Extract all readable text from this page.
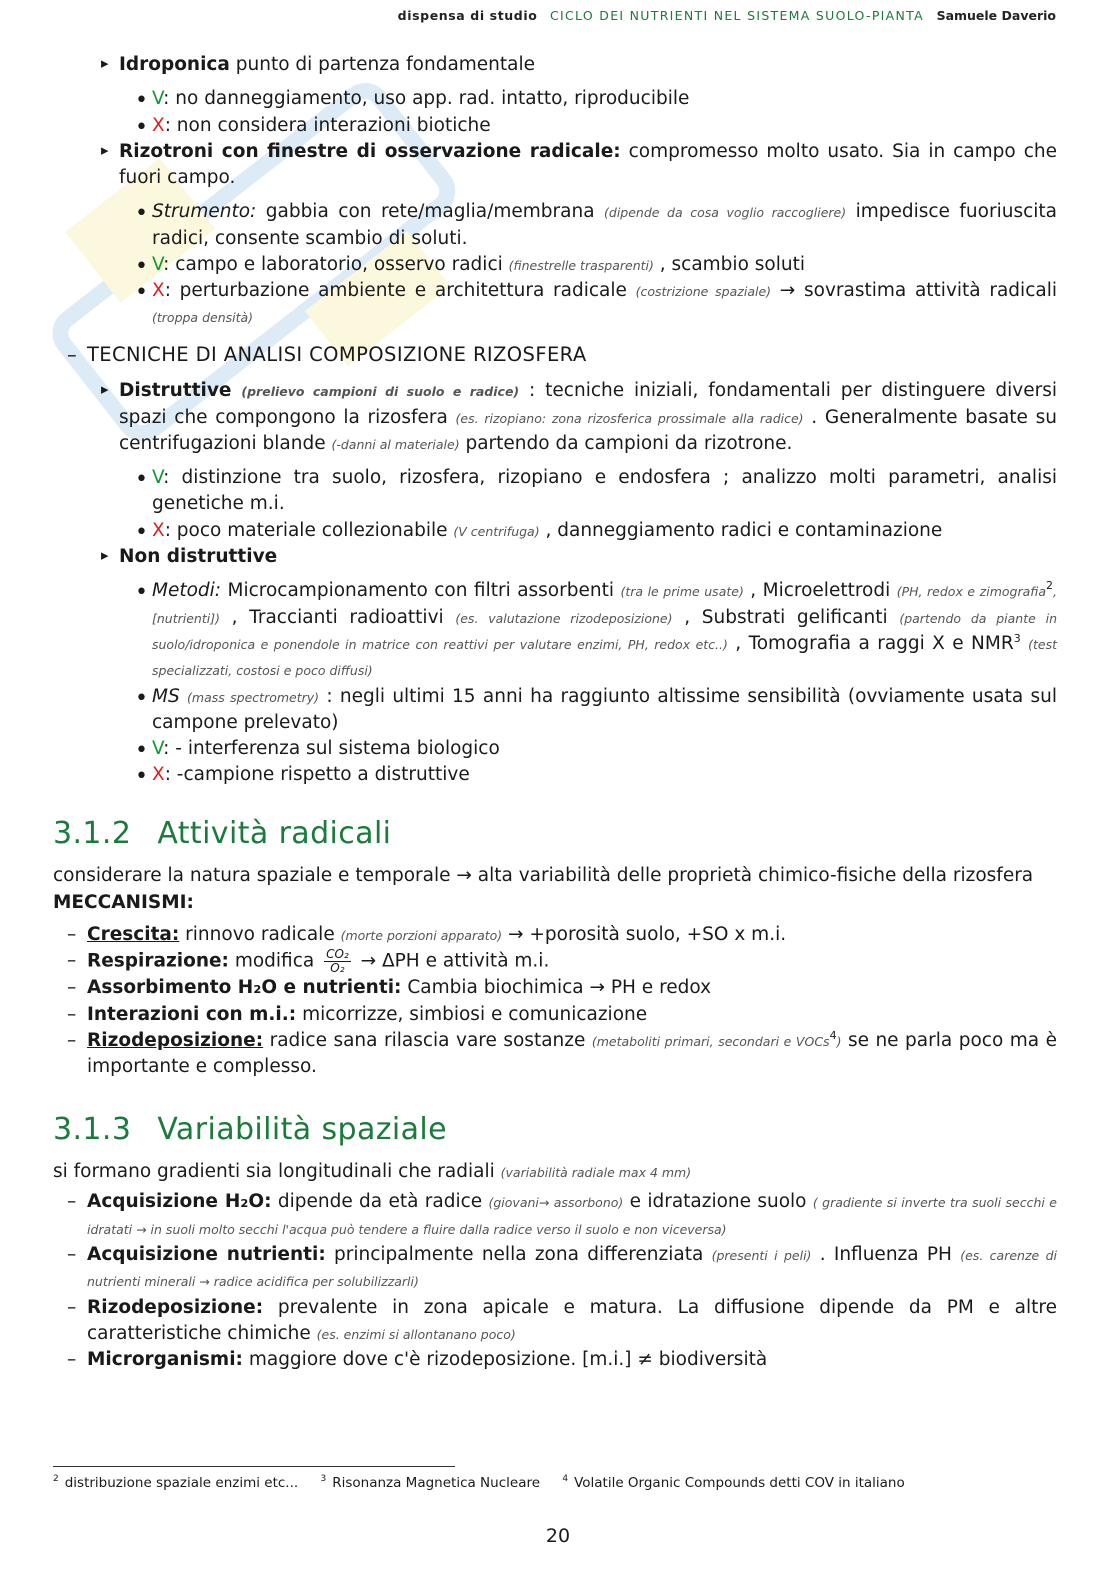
dispensa di studio CICLO DEI NUTRIENTI NEL SISTEMA SUOLO-PIANTA Samuele Daverio

▸ Idroponica punto di partenza fondamentale

• V: no danneggiamento, uso app. rad. intatto, riproducibile

• X: non considera interazioni biotiche

▸ Rizotroni con finestre di osservazione radicale: compromesso molto usato. Sia in campo che fuori campo.

• Strumento: gabbia con rete/maglia/membrana (dipende da cosa voglio raccogliere) impedisce fuoriuscita radici, consente scambio di soluti.

• V: campo e laboratorio, osservo radici (finestrelle trasparenti) , scambio soluti

• X: perturbazione ambiente e architettura radicale (costrizione spaziale) → sovrastima attività radicali (troppa densità)

– TECNICHE DI ANALISI COMPOSIZIONE RIZOSFERA

▸ Distruttive (prelievo campioni di suolo e radice) : tecniche iniziali, fondamentali per distinguere diversi spazi che compongono la rizosfera (es. rizopiano: zona rizosferica prossimale alla radice) . Generalmente basate su centrifugazioni blande (-danni al materiale) partendo da campioni da rizotrone.

• V: distinzione tra suolo, rizosfera, rizopiano e endosfera ; analizzo molti parametri, analisi genetiche m.i.

• X: poco materiale collezionabile (V centrifuga) , danneggiamento radici e contaminazione

▸ Non distruttive

• Metodi: Microcampionamento con filtri assorbenti (tra le prime usate) , Microelettrodi (PH, redox e zimografia$^2$, [nutrienti]) , Traccianti radioattivi (es. valutazione rizodeposizione) , Substrati gelificanti (partendo da piante in suolo/idroponica e ponendole in matrice con reattivi per valutare enzimi, PH, redox etc..) , Tomografia a raggi X e NMR$^3$ (test specializzati, costosi e poco diffusi)

• MS (mass spectrometry) : negli ultimi 15 anni ha raggiunto altissime sensibilità (ovviamente usata sul campone prelevato)

• V: - interferenza sul sistema biologico

• X: -campione rispetto a distruttive

3.1.2 Attività radicali

considerare la natura spaziale e temporale → alta variabilità delle proprietà chimico-fisiche della rizosfera

MECCANISMI:

– Crescita: rinnovo radicale (morte porzioni apparato) → +porosità suolo, +SO x m.i.

– Respirazione: modifica $\frac{\text{CO₂}}{\text{O₂}} \to \Delta PH$ e attività m.i.

– Assorbimento H₂O e nutrienti: Cambia biochimica → PH e redox

– Interazioni con m.i.: micorrizze, simbiosi e comunicazione

– Rizodeposizione: radice sana rilascia vare sostanze (metaboliti primari, secondari e VOCs$^4$) se ne parla poco ma è importante e complesso.

3.1.3 Variabilità spaziale

si formano gradienti sia longitudinali che radiali (variabilità radiale max 4 mm)

– Acquisizione H₂O: dipende da età radice (giovani→ assorbono) e idratazione suolo ( gradiente si inverte tra suoli secchi e idratati → in suoli molto secchi l'acqua può tendere a fluire dalla radice verso il suolo e non viceversa)

– Acquisizione nutrienti: principalmente nella zona differenziata (presenti i peli) . Influenza PH (es. carenze di nutrienti minerali → radice acidifica per solubilizzarli)

– Rizodeposizione: prevalente in zona apicale e matura. La diffusione dipende da PM e altre caratteristiche chimiche (es. enzimi si allontanano poco)

– Microrganismi: maggiore dove c'è rizodeposizione. [m.i.] ≠ biodiversità

$^2$ distribuzione spaziale enzimi etc... $^3$ Risonanza Magnetica Nucleare $^4$ Volatile Organic Compounds detti COV in italiano
20
